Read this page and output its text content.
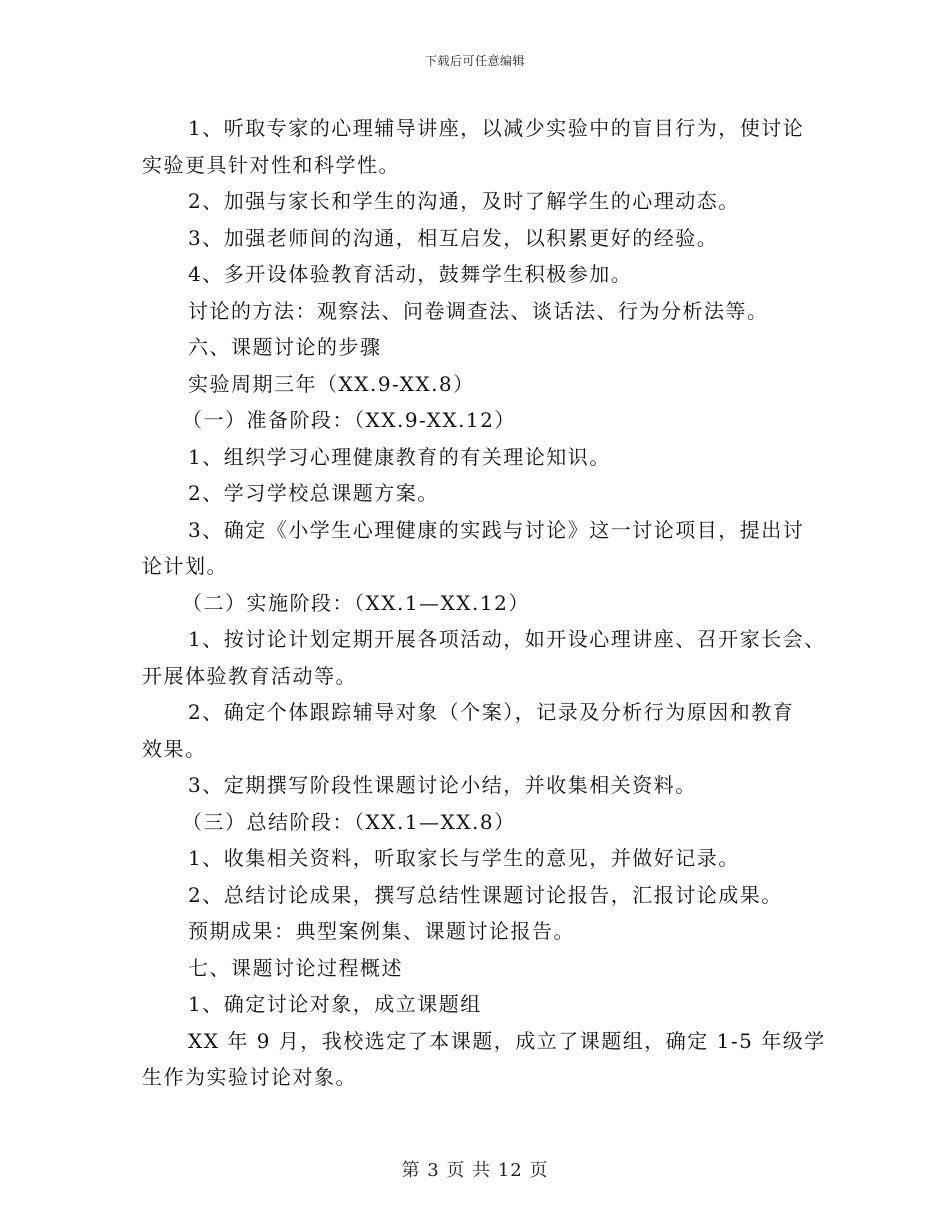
下载后可任意编辑
1、听取专家的心理辅导讲座，以减少实验中的盲目行为，使讨论
实验更具针对性和科学性。
2、加强与家长和学生的沟通，及时了解学生的心理动态。
3、加强老师间的沟通，相互启发，以积累更好的经验。
4、多开设体验教育活动，鼓舞学生积极参加。
讨论的方法：观察法、问卷调查法、谈话法、行为分析法等。
六、课题讨论的步骤
实验周期三年（XX.9-XX.8）
（一）准备阶段：（XX.9-XX.12）
1、组织学习心理健康教育的有关理论知识。
2、学习学校总课题方案。
3、确定《小学生心理健康的实践与讨论》这一讨论项目，提出讨
论计划。
（二）实施阶段：（XX.1—XX.12）
1、按讨论计划定期开展各项活动，如开设心理讲座、召开家长会、
开展体验教育活动等。
2、确定个体跟踪辅导对象（个案），记录及分析行为原因和教育
效果。
3、定期撰写阶段性课题讨论小结，并收集相关资料。
（三）总结阶段：（XX.1—XX.8）
1、收集相关资料，听取家长与学生的意见，并做好记录。
2、总结讨论成果，撰写总结性课题讨论报告，汇报讨论成果。
预期成果：典型案例集、课题讨论报告。
七、课题讨论过程概述
1、确定讨论对象，成立课题组
XX 年 9 月，我校选定了本课题，成立了课题组，确定 1-5 年级学
生作为实验讨论对象。
第 3 页 共 12 页
